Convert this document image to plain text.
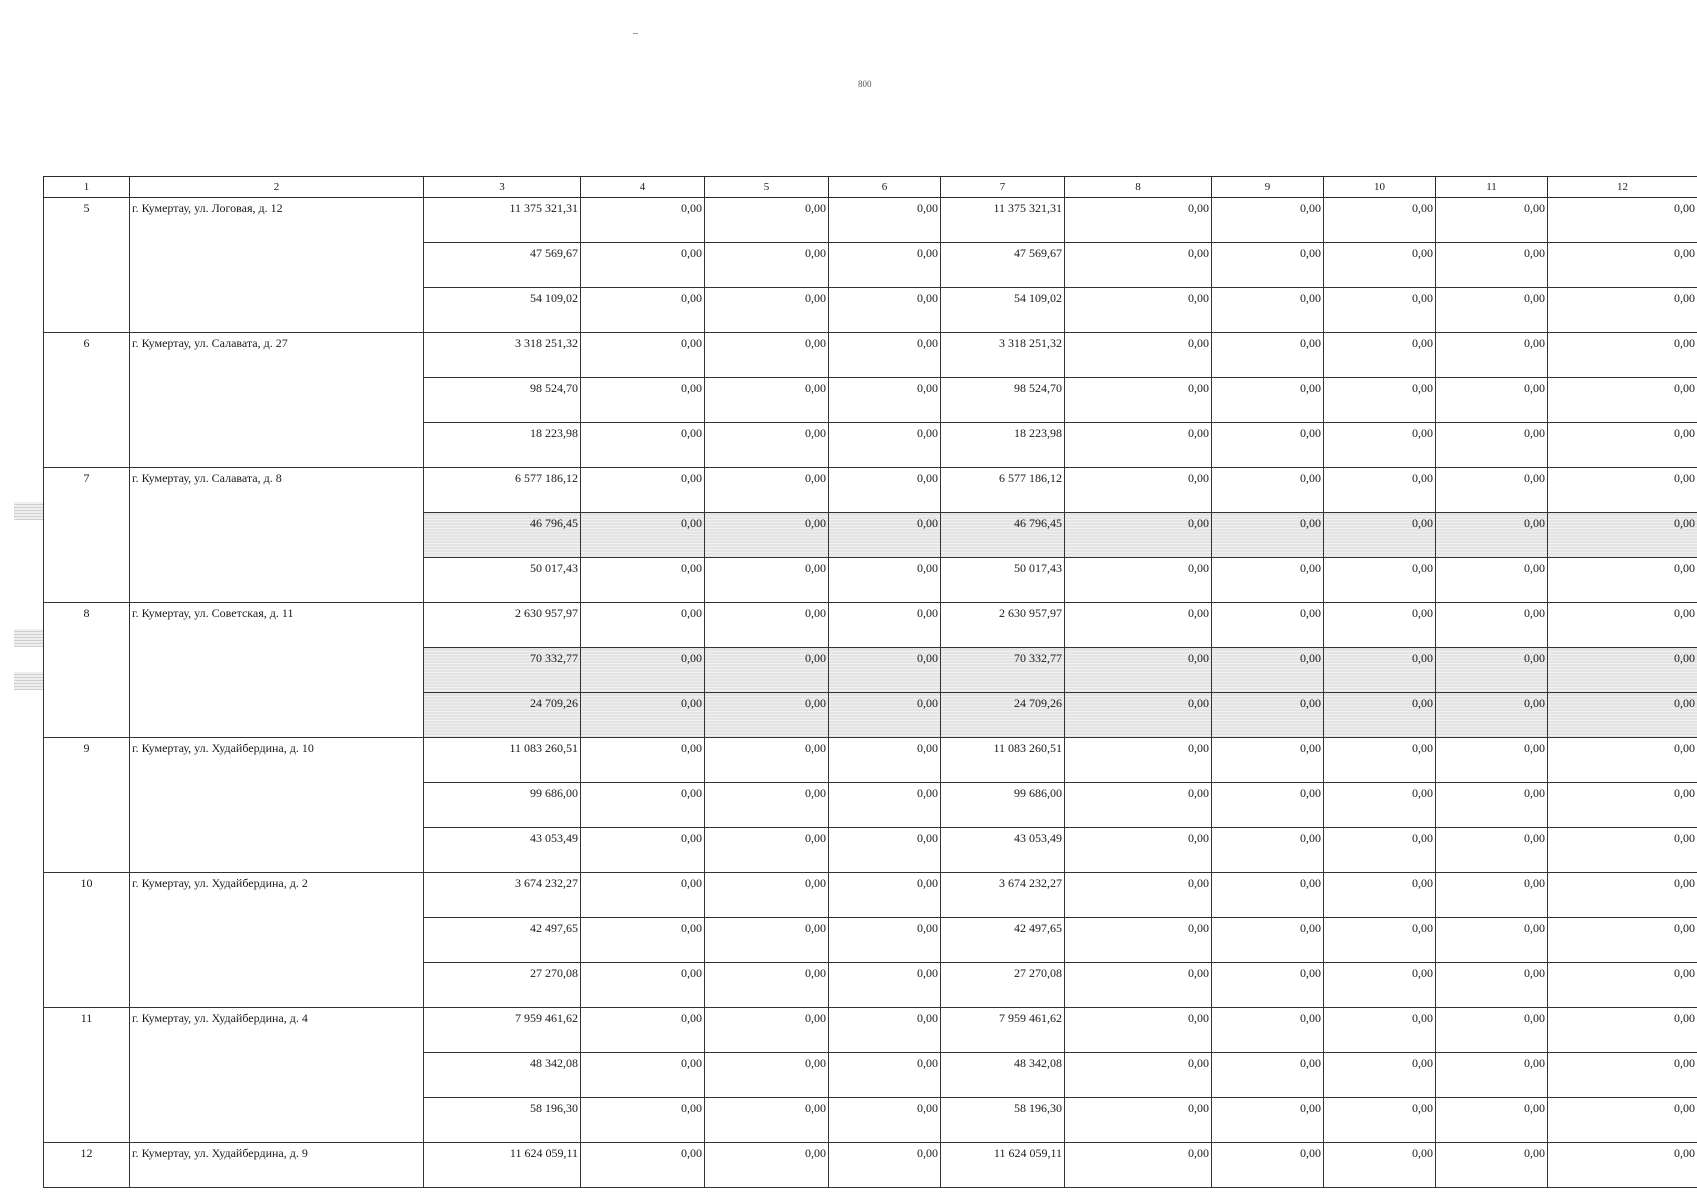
800
1	2	3	4	5	6	7	8	9	10	11	12
5	г. Кумертау, ул. Логовая, д. 12	11 375 321,31	0,00	0,00	0,00	11 375 321,31	0,00	0,00	0,00	0,00	0,00
		47 569,67	0,00	0,00	0,00	47 569,67	0,00	0,00	0,00	0,00	0,00
		54 109,02	0,00	0,00	0,00	54 109,02	0,00	0,00	0,00	0,00	0,00
6	г. Кумертау, ул. Салавата, д. 27	3 318 251,32	0,00	0,00	0,00	3 318 251,32	0,00	0,00	0,00	0,00	0,00
		98 524,70	0,00	0,00	0,00	98 524,70	0,00	0,00	0,00	0,00	0,00
		18 223,98	0,00	0,00	0,00	18 223,98	0,00	0,00	0,00	0,00	0,00
7	г. Кумертау, ул. Салавата, д. 8	6 577 186,12	0,00	0,00	0,00	6 577 186,12	0,00	0,00	0,00	0,00	0,00
		46 796,45	0,00	0,00	0,00	46 796,45	0,00	0,00	0,00	0,00	0,00
		50 017,43	0,00	0,00	0,00	50 017,43	0,00	0,00	0,00	0,00	0,00
8	г. Кумертау, ул. Советская, д. 11	2 630 957,97	0,00	0,00	0,00	2 630 957,97	0,00	0,00	0,00	0,00	0,00
		70 332,77	0,00	0,00	0,00	70 332,77	0,00	0,00	0,00	0,00	0,00
		24 709,26	0,00	0,00	0,00	24 709,26	0,00	0,00	0,00	0,00	0,00
9	г. Кумертау, ул. Худайбердина, д. 10	11 083 260,51	0,00	0,00	0,00	11 083 260,51	0,00	0,00	0,00	0,00	0,00
		99 686,00	0,00	0,00	0,00	99 686,00	0,00	0,00	0,00	0,00	0,00
		43 053,49	0,00	0,00	0,00	43 053,49	0,00	0,00	0,00	0,00	0,00
10	г. Кумертау, ул. Худайбердина, д. 2	3 674 232,27	0,00	0,00	0,00	3 674 232,27	0,00	0,00	0,00	0,00	0,00
		42 497,65	0,00	0,00	0,00	42 497,65	0,00	0,00	0,00	0,00	0,00
		27 270,08	0,00	0,00	0,00	27 270,08	0,00	0,00	0,00	0,00	0,00
11	г. Кумертау, ул. Худайбердина, д. 4	7 959 461,62	0,00	0,00	0,00	7 959 461,62	0,00	0,00	0,00	0,00	0,00
		48 342,08	0,00	0,00	0,00	48 342,08	0,00	0,00	0,00	0,00	0,00
		58 196,30	0,00	0,00	0,00	58 196,30	0,00	0,00	0,00	0,00	0,00
12	г. Кумертау, ул. Худайбердина, д. 9	11 624 059,11	0,00	0,00	0,00	11 624 059,11	0,00	0,00	0,00	0,00	0,00
